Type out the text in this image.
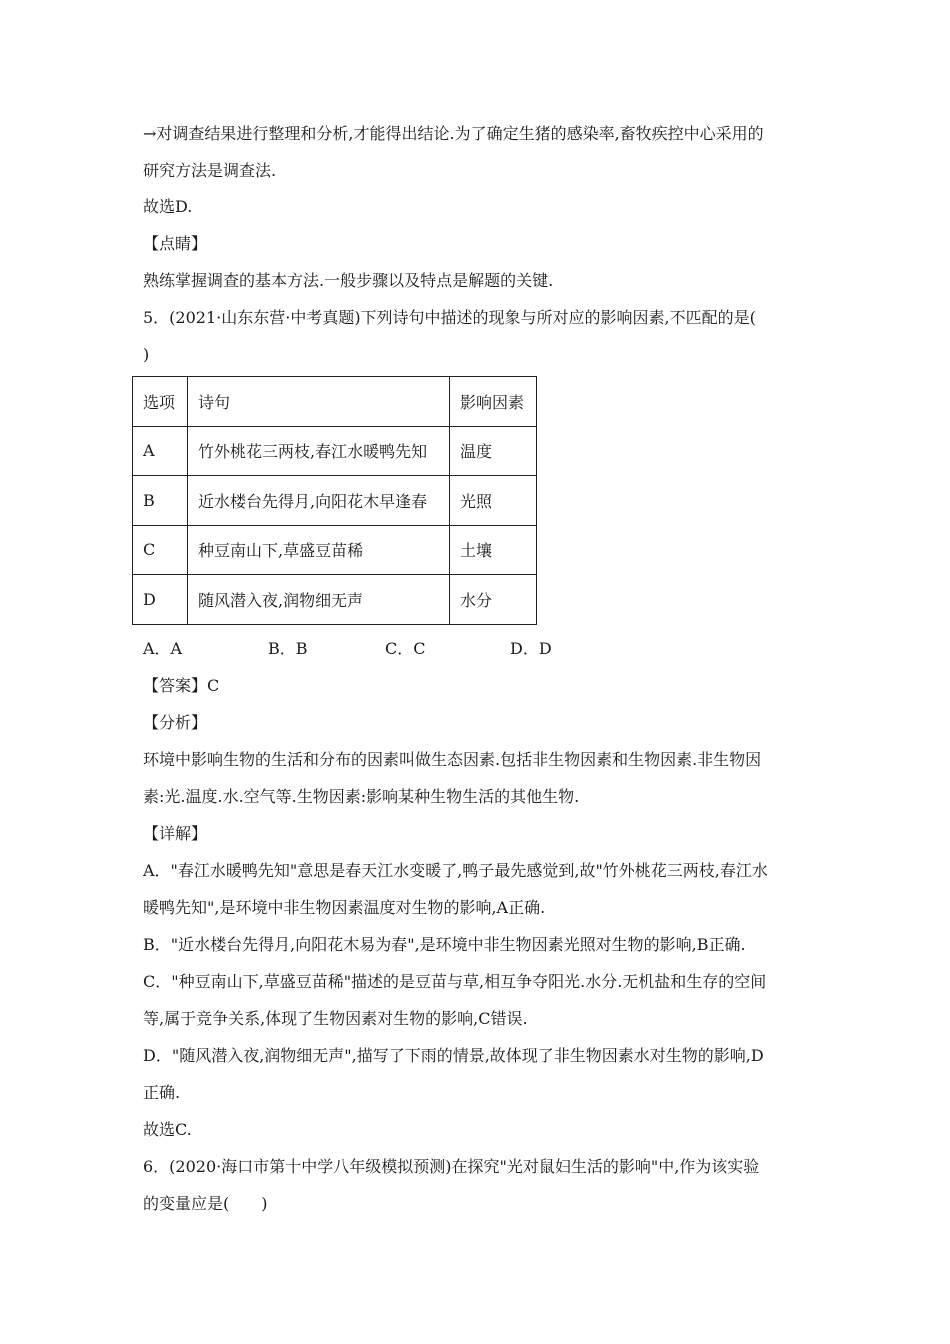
→对调查结果进行整理和分析,才能得出结论.为了确定生猪的感染率,畜牧疾控中心采用的
研究方法是调查法.
故选D.
【点睛】
熟练掌握调查的基本方法.一般步骤以及特点是解题的关键.
5．(2021·山东东营·中考真题)下列诗句中描述的现象与所对应的影响因素,不匹配的是(
)
选项	诗句	影响因素
A	竹外桃花三两枝,春江水暖鸭先知	温度
B	近水楼台先得月,向阳花木早逢春	光照
C	种豆南山下,草盛豆苗稀	土壤
D	随风潜入夜,润物细无声	水分
A．A	B．B	C．C	D．D
【答案】C
【分析】
环境中影响生物的生活和分布的因素叫做生态因素.包括非生物因素和生物因素.非生物因
素:光.温度.水.空气等.生物因素:影响某种生物生活的其他生物.
【详解】
A．"春江水暖鸭先知"意思是春天江水变暖了,鸭子最先感觉到,故"竹外桃花三两枝,春江水
暖鸭先知",是环境中非生物因素温度对生物的影响,A正确.
B．"近水楼台先得月,向阳花木易为春",是环境中非生物因素光照对生物的影响,B正确.
C．"种豆南山下,草盛豆苗稀"描述的是豆苗与草,相互争夺阳光.水分.无机盐和生存的空间
等,属于竞争关系,体现了生物因素对生物的影响,C错误.
D．"随风潜入夜,润物细无声",描写了下雨的情景,故体现了非生物因素水对生物的影响,D
正确.
故选C.
6．(2020·海口市第十中学八年级模拟预测)在探究"光对鼠妇生活的影响"中,作为该实验
的变量应是(　　)
